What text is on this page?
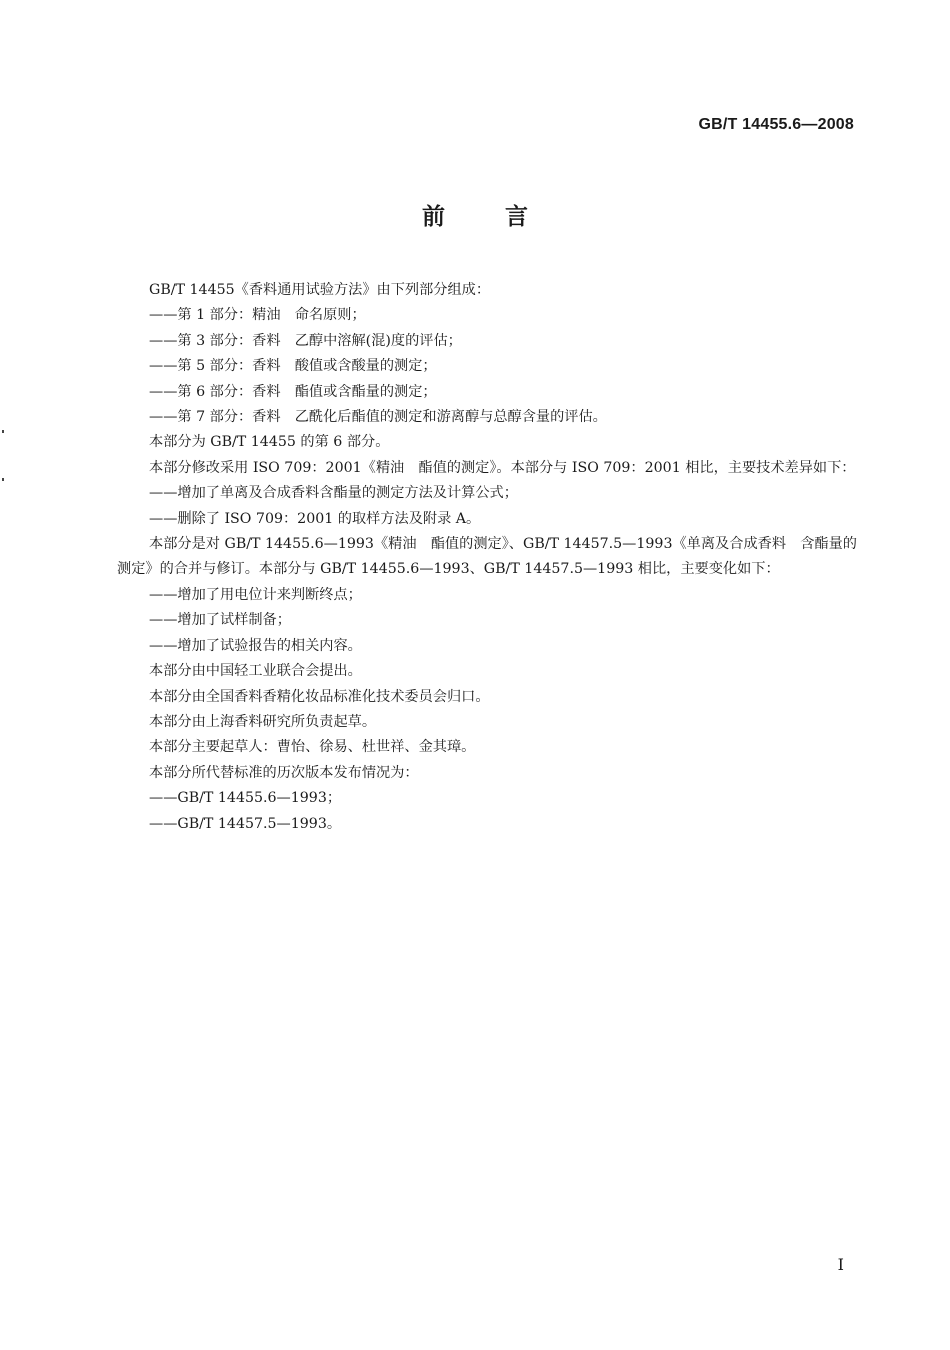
GB/T 14455.6—2008
前言

GB/T 14455《香料通用试验方法》由下列部分组成：

——第 1 部分：精油　命名原则；

——第 3 部分：香料　乙醇中溶解(混)度的评估；

——第 5 部分：香料　酸值或含酸量的测定；

——第 6 部分：香料　酯值或含酯量的测定；

——第 7 部分：香料　乙酰化后酯值的测定和游离醇与总醇含量的评估。

本部分为 GB/T 14455 的第 6 部分。

本部分修改采用 ISO 709：2001《精油　酯值的测定》。本部分与 ISO 709：2001 相比，主要技术差异如下：

——增加了单离及合成香料含酯量的测定方法及计算公式；

——删除了 ISO 709：2001 的取样方法及附录 A。

本部分是对 GB/T 14455.6—1993《精油　酯值的测定》、GB/T 14457.5—1993《单离及合成香料　含酯量的测定》的合并与修订。本部分与 GB/T 14455.6—1993、GB/T 14457.5—1993 相比，主要变化如下：

——增加了用电位计来判断终点；

——增加了试样制备；

——增加了试验报告的相关内容。

本部分由中国轻工业联合会提出。

本部分由全国香料香精化妆品标准化技术委员会归口。

本部分由上海香料研究所负责起草。

本部分主要起草人：曹怡、徐易、杜世祥、金其璋。

本部分所代替标准的历次版本发布情况为：

——GB/T 14455.6—1993；

——GB/T 14457.5—1993。

I
